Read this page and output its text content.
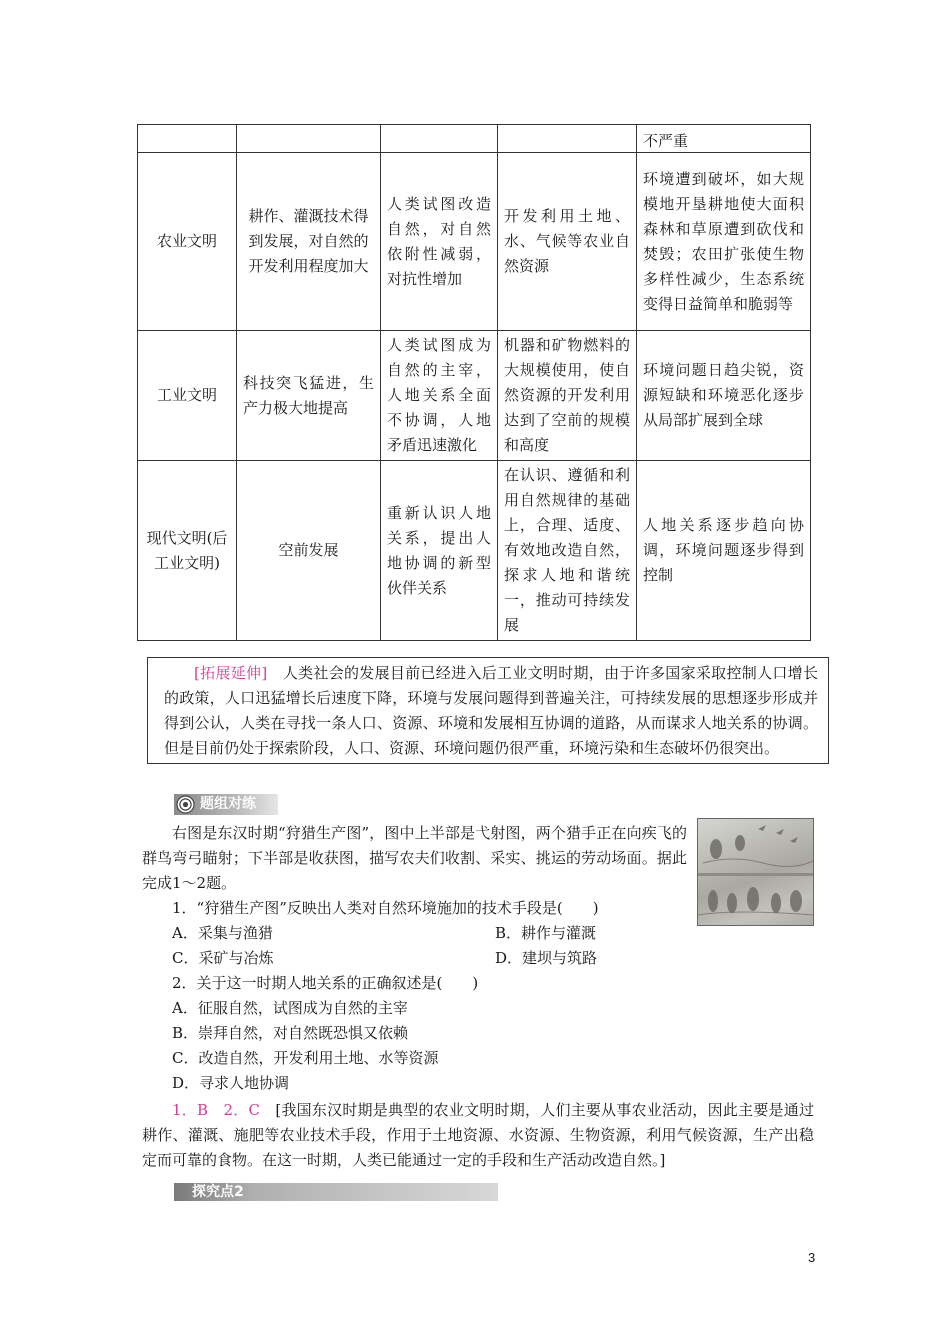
				不严重
农业文明	耕作、灌溉技术得到发展，对自然的开发利用程度加大	人类试图改造自然，对自然依附性减弱，对抗性增加	开发利用土地、水、气候等农业自然资源	环境遭到破坏，如大规模地开垦耕地使大面积森林和草原遭到砍伐和焚毁；农田扩张使生物多样性减少，生态系统变得日益简单和脆弱等
工业文明	科技突飞猛进，生产力极大地提高	人类试图成为自然的主宰，人地关系全面不协调，人地矛盾迅速激化	机器和矿物燃料的大规模使用，使自然资源的开发利用达到了空前的规模和高度	环境问题日趋尖锐，资源短缺和环境恶化逐步从局部扩展到全球
现代文明(后工业文明)	空前发展	重新认识人地关系，提出人地协调的新型伙伴关系	在认识、遵循和利用自然规律的基础上，合理、适度、有效地改造自然，探求人地和谐统一，推动可持续发展	人地关系逐步趋向协调，环境问题逐步得到控制
[拓展延伸]　 人类社会的发展目前已经进入后工业文明时期，由于许多国家采取控制人口增长的政策，人口迅猛增长后速度下降，环境与发展问题得到普遍关注，可持续发展的思想逐步形成并得到公认，人类在寻找一条人口、资源、环境和发展相互协调的道路，从而谋求人地关系的协调。但是目前仍处于探索阶段，人口、资源、环境问题仍很严重，环境污染和生态破坏仍很突出。
题组对练
右图是东汉时期“狩猎生产图”，图中上半部是弋射图，两个猎手正在向疾飞的群鸟弯弓瞄射；下半部是收获图，描写农夫们收割、采实、挑运的劳动场面。据此完成1～2题。
1．“狩猎生产图”反映出人类对自然环境施加的技术手段是(　　)
A．采集与渔猎	B．耕作与灌溉
C．采矿与冶炼	D．建坝与筑路
2．关于这一时期人地关系的正确叙述是(　　)
A．征服自然，试图成为自然的主宰
B．崇拜自然，对自然既恐惧又依赖
C．改造自然，开发利用土地、水等资源
D．寻求人地协调
1．B　2．C　 [我国东汉时期是典型的农业文明时期，人们主要从事农业活动，因此主要是通过耕作、灌溉、施肥等农业技术手段，作用于土地资源、水资源、生物资源，利用气候资源，生产出稳定而可靠的食物。在这一时期，人类已能通过一定的手段和生产活动改造自然。]
探究点2
3
